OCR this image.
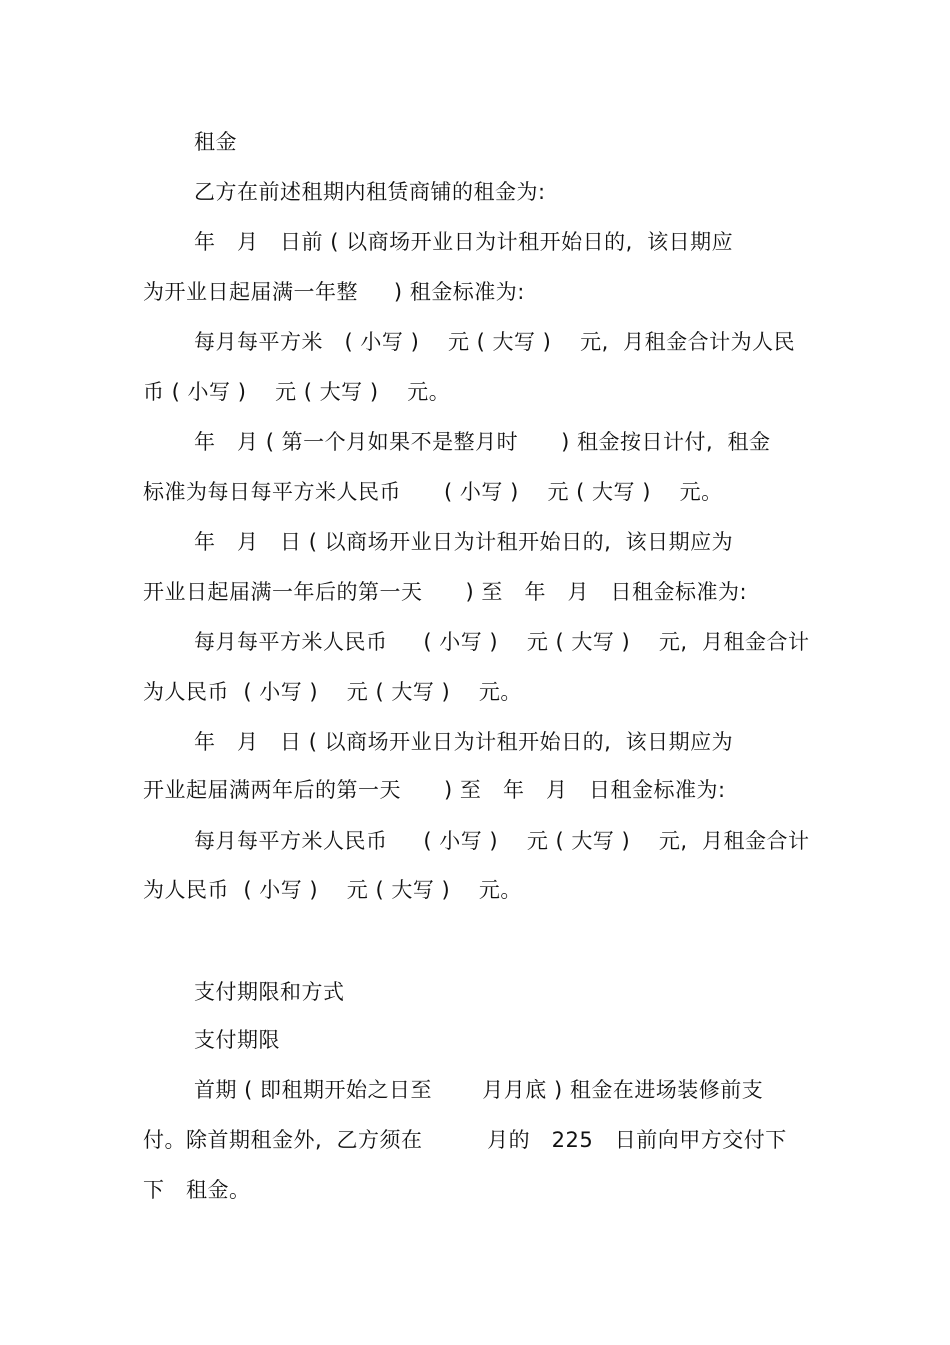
租金
乙方在前述租期内租赁商铺的租金为:
年   月   日前 ( 以商场开业日为计租开始日的,  该日期应
为开业日起届满一年整     ) 租金标准为:
每月每平方米   ( 小写 )    元 ( 大写 )    元,  月租金合计为人民
币 ( 小写 )    元 ( 大写 )    元。
年   月 ( 第一个月如果不是整月时      ) 租金按日计付,  租金
标准为每日每平方米人民币      ( 小写 )    元 ( 大写 )    元。
年   月   日 ( 以商场开业日为计租开始日的,  该日期应为
开业日起届满一年后的第一天      ) 至   年   月   日租金标准为:
每月每平方米人民币     ( 小写 )    元 ( 大写 )    元,  月租金合计
为人民币  ( 小写 )    元 ( 大写 )    元。
年   月   日 ( 以商场开业日为计租开始日的,  该日期应为
开业起届满两年后的第一天      ) 至   年   月   日租金标准为:
每月每平方米人民币     ( 小写 )    元 ( 大写 )    元,  月租金合计
为人民币  ( 小写 )    元 ( 大写 )    元。
支付期限和方式
支付期限
首期 ( 即租期开始之日至       月月底 ) 租金在进场装修前支
付。除首期租金外,  乙方须在         月的   225   日前向甲方交付下
下   租金。
